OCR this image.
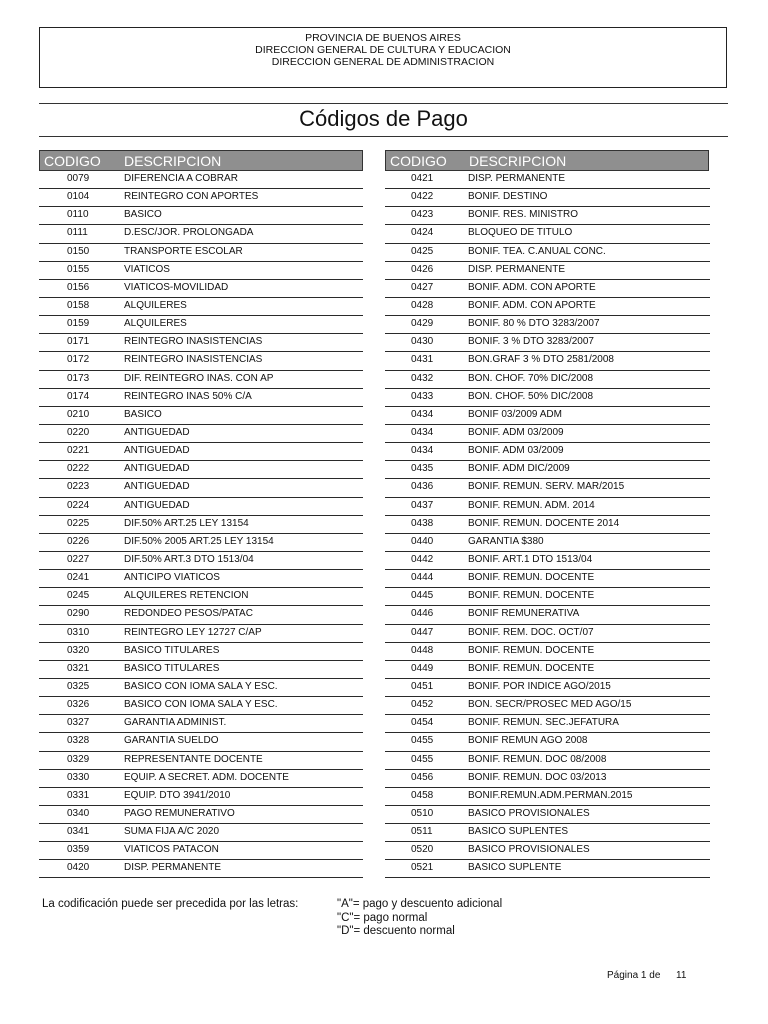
PROVINCIA DE BUENOS AIRES
DIRECCION GENERAL DE CULTURA Y EDUCACION
DIRECCION GENERAL DE ADMINISTRACION
Códigos de Pago
CODIGO DESCRIPCION
0079	DIFERENCIA A COBRAR
0104	REINTEGRO CON APORTES
0110	BASICO
0111	D.ESC/JOR. PROLONGADA
0150	TRANSPORTE ESCOLAR
0155	VIATICOS
0156	VIATICOS-MOVILIDAD
0158	ALQUILERES
0159	ALQUILERES
0171	REINTEGRO INASISTENCIAS
0172	REINTEGRO INASISTENCIAS
0173	DIF. REINTEGRO INAS. CON AP
0174	REINTEGRO INAS 50% C/A
0210	BASICO
0220	ANTIGUEDAD
0221	ANTIGUEDAD
0222	ANTIGUEDAD
0223	ANTIGUEDAD
0224	ANTIGUEDAD
0225	DIF.50% ART.25 LEY 13154
0226	DIF.50% 2005 ART.25 LEY 13154
0227	DIF.50% ART.3 DTO 1513/04
0241	ANTICIPO VIATICOS
0245	ALQUILERES RETENCION
0290	REDONDEO PESOS/PATAC
0310	REINTEGRO LEY 12727 C/AP
0320	BASICO TITULARES
0321	BASICO TITULARES
0325	BASICO CON IOMA SALA Y ESC.
0326	BASICO CON IOMA SALA Y ESC.
0327	GARANTIA ADMINIST.
0328	GARANTIA SUELDO
0329	REPRESENTANTE DOCENTE
0330	EQUIP. A SECRET. ADM. DOCENTE
0331	EQUIP. DTO 3941/2010
0340	PAGO REMUNERATIVO
0341	SUMA FIJA A/C 2020
0359	VIATICOS PATACON
0420	DISP. PERMANENTE
CODIGO DESCRIPCION
0421	DISP. PERMANENTE
0422	BONIF. DESTINO
0423	BONIF. RES. MINISTRO
0424	BLOQUEO DE TITULO
0425	BONIF. TEA. C.ANUAL CONC.
0426	DISP. PERMANENTE
0427	BONIF. ADM. CON APORTE
0428	BONIF. ADM. CON APORTE
0429	BONIF. 80 % DTO 3283/2007
0430	BONIF. 3 % DTO 3283/2007
0431	BON.GRAF 3 % DTO 2581/2008
0432	BON. CHOF. 70% DIC/2008
0433	BON. CHOF. 50% DIC/2008
0434	BONIF 03/2009 ADM
0434	BONIF. ADM 03/2009
0434	BONIF. ADM 03/2009
0435	BONIF. ADM DIC/2009
0436	BONIF. REMUN. SERV. MAR/2015
0437	BONIF. REMUN. ADM. 2014
0438	BONIF. REMUN. DOCENTE 2014
0440	GARANTIA $380
0442	BONIF. ART.1 DTO 1513/04
0444	BONIF. REMUN. DOCENTE
0445	BONIF. REMUN. DOCENTE
0446	BONIF REMUNERATIVA
0447	BONIF. REM. DOC. OCT/07
0448	BONIF. REMUN. DOCENTE
0449	BONIF. REMUN. DOCENTE
0451	BONIF. POR INDICE AGO/2015
0452	BON. SECR/PROSEC MED AGO/15
0454	BONIF. REMUN. SEC.JEFATURA
0455	BONIF REMUN AGO 2008
0455	BONIF. REMUN. DOC 08/2008
0456	BONIF. REMUN. DOC 03/2013
0458	BONIF.REMUN.ADM.PERMAN.2015
0510	BASICO PROVISIONALES
0511	BASICO SUPLENTES
0520	BASICO PROVISIONALES
0521	BASICO SUPLENTE
La codificación puede ser precedida por las letras:	"A"= pago y descuento adicional
"C"= pago normal
"D"= descuento normal
Página 1 de 11
